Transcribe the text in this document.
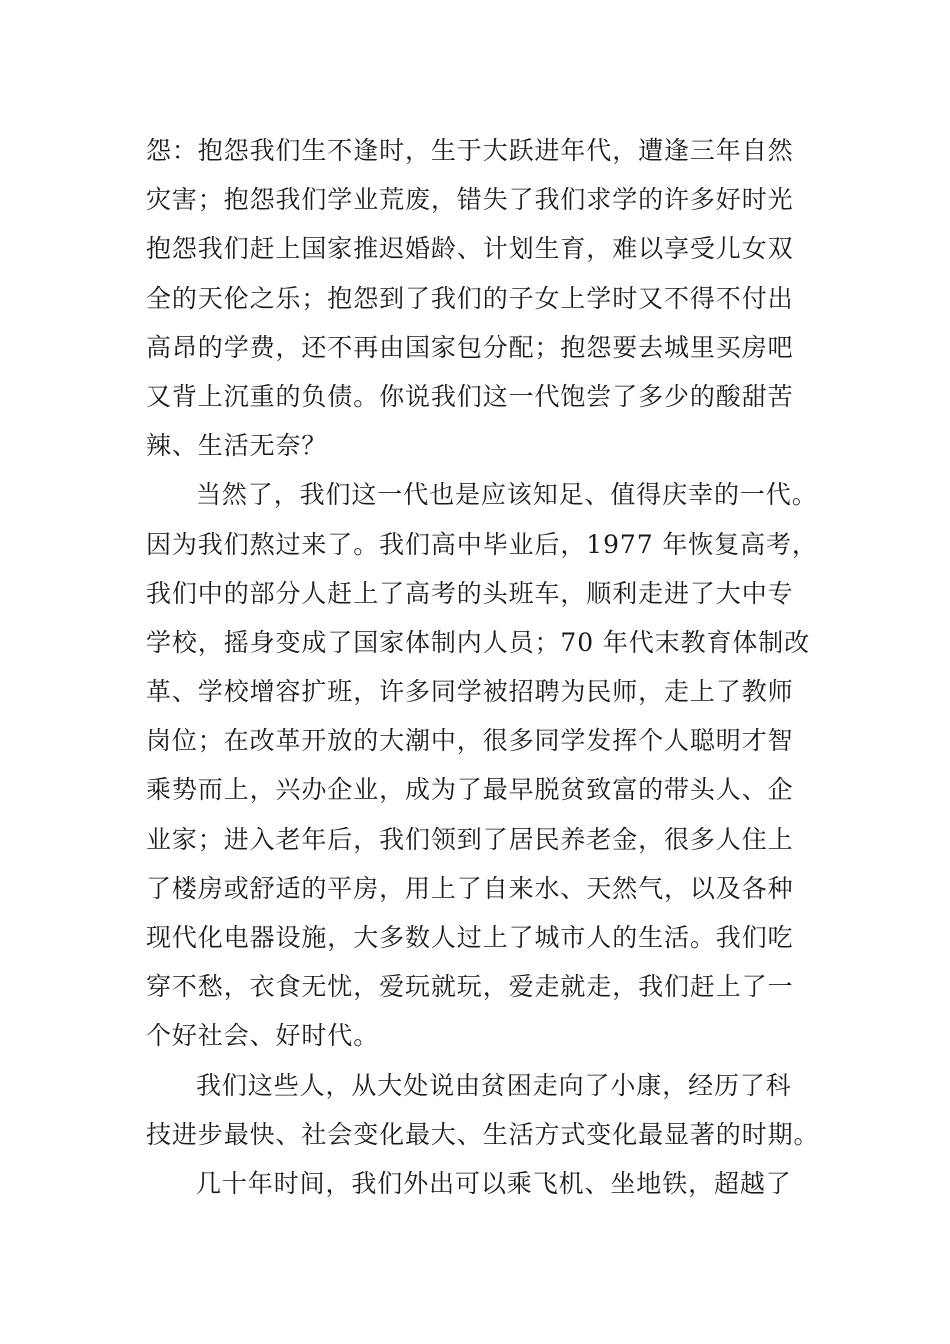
怨：抱怨我们生不逢时，生于大跃进年代，遭逢三年自然
灾害；抱怨我们学业荒废，错失了我们求学的许多好时光
抱怨我们赶上国家推迟婚龄、计划生育，难以享受儿女双
全的天伦之乐；抱怨到了我们的子女上学时又不得不付出
高昂的学费，还不再由国家包分配；抱怨要去城里买房吧
又背上沉重的负债。你说我们这一代饱尝了多少的酸甜苦
辣、生活无奈？
当然了，我们这一代也是应该知足、值得庆幸的一代。
因为我们熬过来了。我们高中毕业后，1977 年恢复高考，
我们中的部分人赶上了高考的头班车，顺利走进了大中专
学校，摇身变成了国家体制内人员；70 年代末教育体制改
革、学校增容扩班，许多同学被招聘为民师，走上了教师
岗位；在改革开放的大潮中，很多同学发挥个人聪明才智
乘势而上，兴办企业，成为了最早脱贫致富的带头人、企
业家；进入老年后，我们领到了居民养老金，很多人住上
了楼房或舒适的平房，用上了自来水、天然气，以及各种
现代化电器设施，大多数人过上了城市人的生活。我们吃
穿不愁，衣食无忧，爱玩就玩，爱走就走，我们赶上了一
个好社会、好时代。
我们这些人，从大处说由贫困走向了小康，经历了科
技进步最快、社会变化最大、生活方式变化最显著的时期。
几十年时间，我们外出可以乘飞机、坐地铁，超越了
